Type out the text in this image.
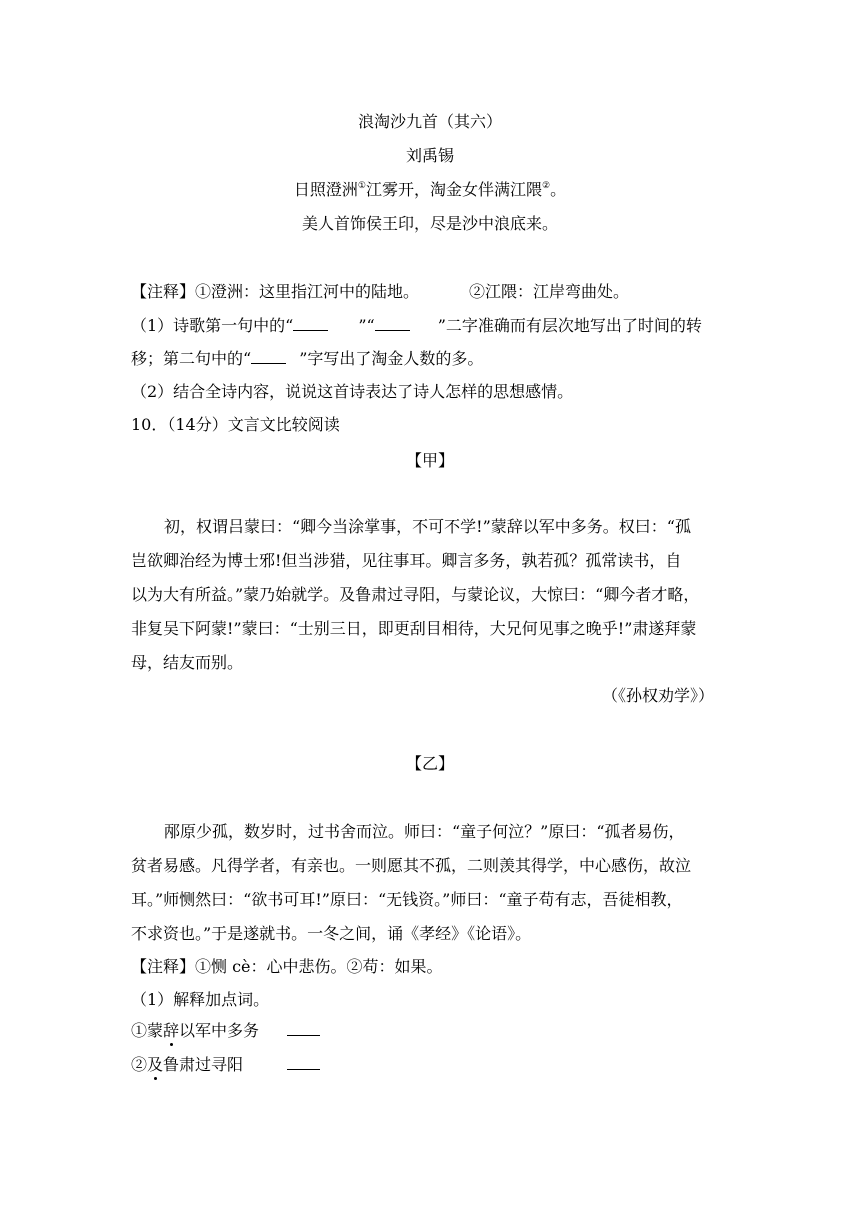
浪淘沙九首（其六）
刘禹锡
日照澄洲①江雾开，淘金女伴满江隈②。
美人首饰侯王印，尽是沙中浪底来。
【注释】①澄洲：这里指江河中的陆地。	②江隈：江岸弯曲处。
（1）诗歌第一句中的“	”“	”二字准确而有层次地写出了时间的转
移；第二句中的“	”字写出了淘金人数的多。
（2）结合全诗内容，说说这首诗表达了诗人怎样的思想感情。
10．（14分）文言文比较阅读
【甲】
初，权谓吕蒙曰：“卿今当涂掌事，不可不学!”蒙辞以军中多务。权曰：“孤
岂欲卿治经为博士邪!但当涉猎，见往事耳。卿言多务，孰若孤？孤常读书，自
以为大有所益。”蒙乃始就学。及鲁肃过寻阳，与蒙论议，大惊曰：“卿今者才略，
非复吴下阿蒙!”蒙曰：“士别三日，即更刮目相待，大兄何见事之晚乎!”肃遂拜蒙
母，结友而别。
（《孙权劝学》）
【乙】
邴原少孤，数岁时，过书舍而泣。师曰：“童子何泣？”原曰：“孤者易伤，
贫者易感。凡得学者，有亲也。一则愿其不孤，二则羡其得学，中心感伤，故泣
耳。”师恻然曰：“欲书可耳!”原曰：“无钱资。”师曰：“童子苟有志，吾徒相教，
不求资也。”于是遂就书。一冬之间，诵《孝经》《论语》。
【注释】①恻 cè：心中悲伤。②苟：如果。
（1）解释加点词。
①蒙辞以军中多务
②及鲁肃过寻阳
